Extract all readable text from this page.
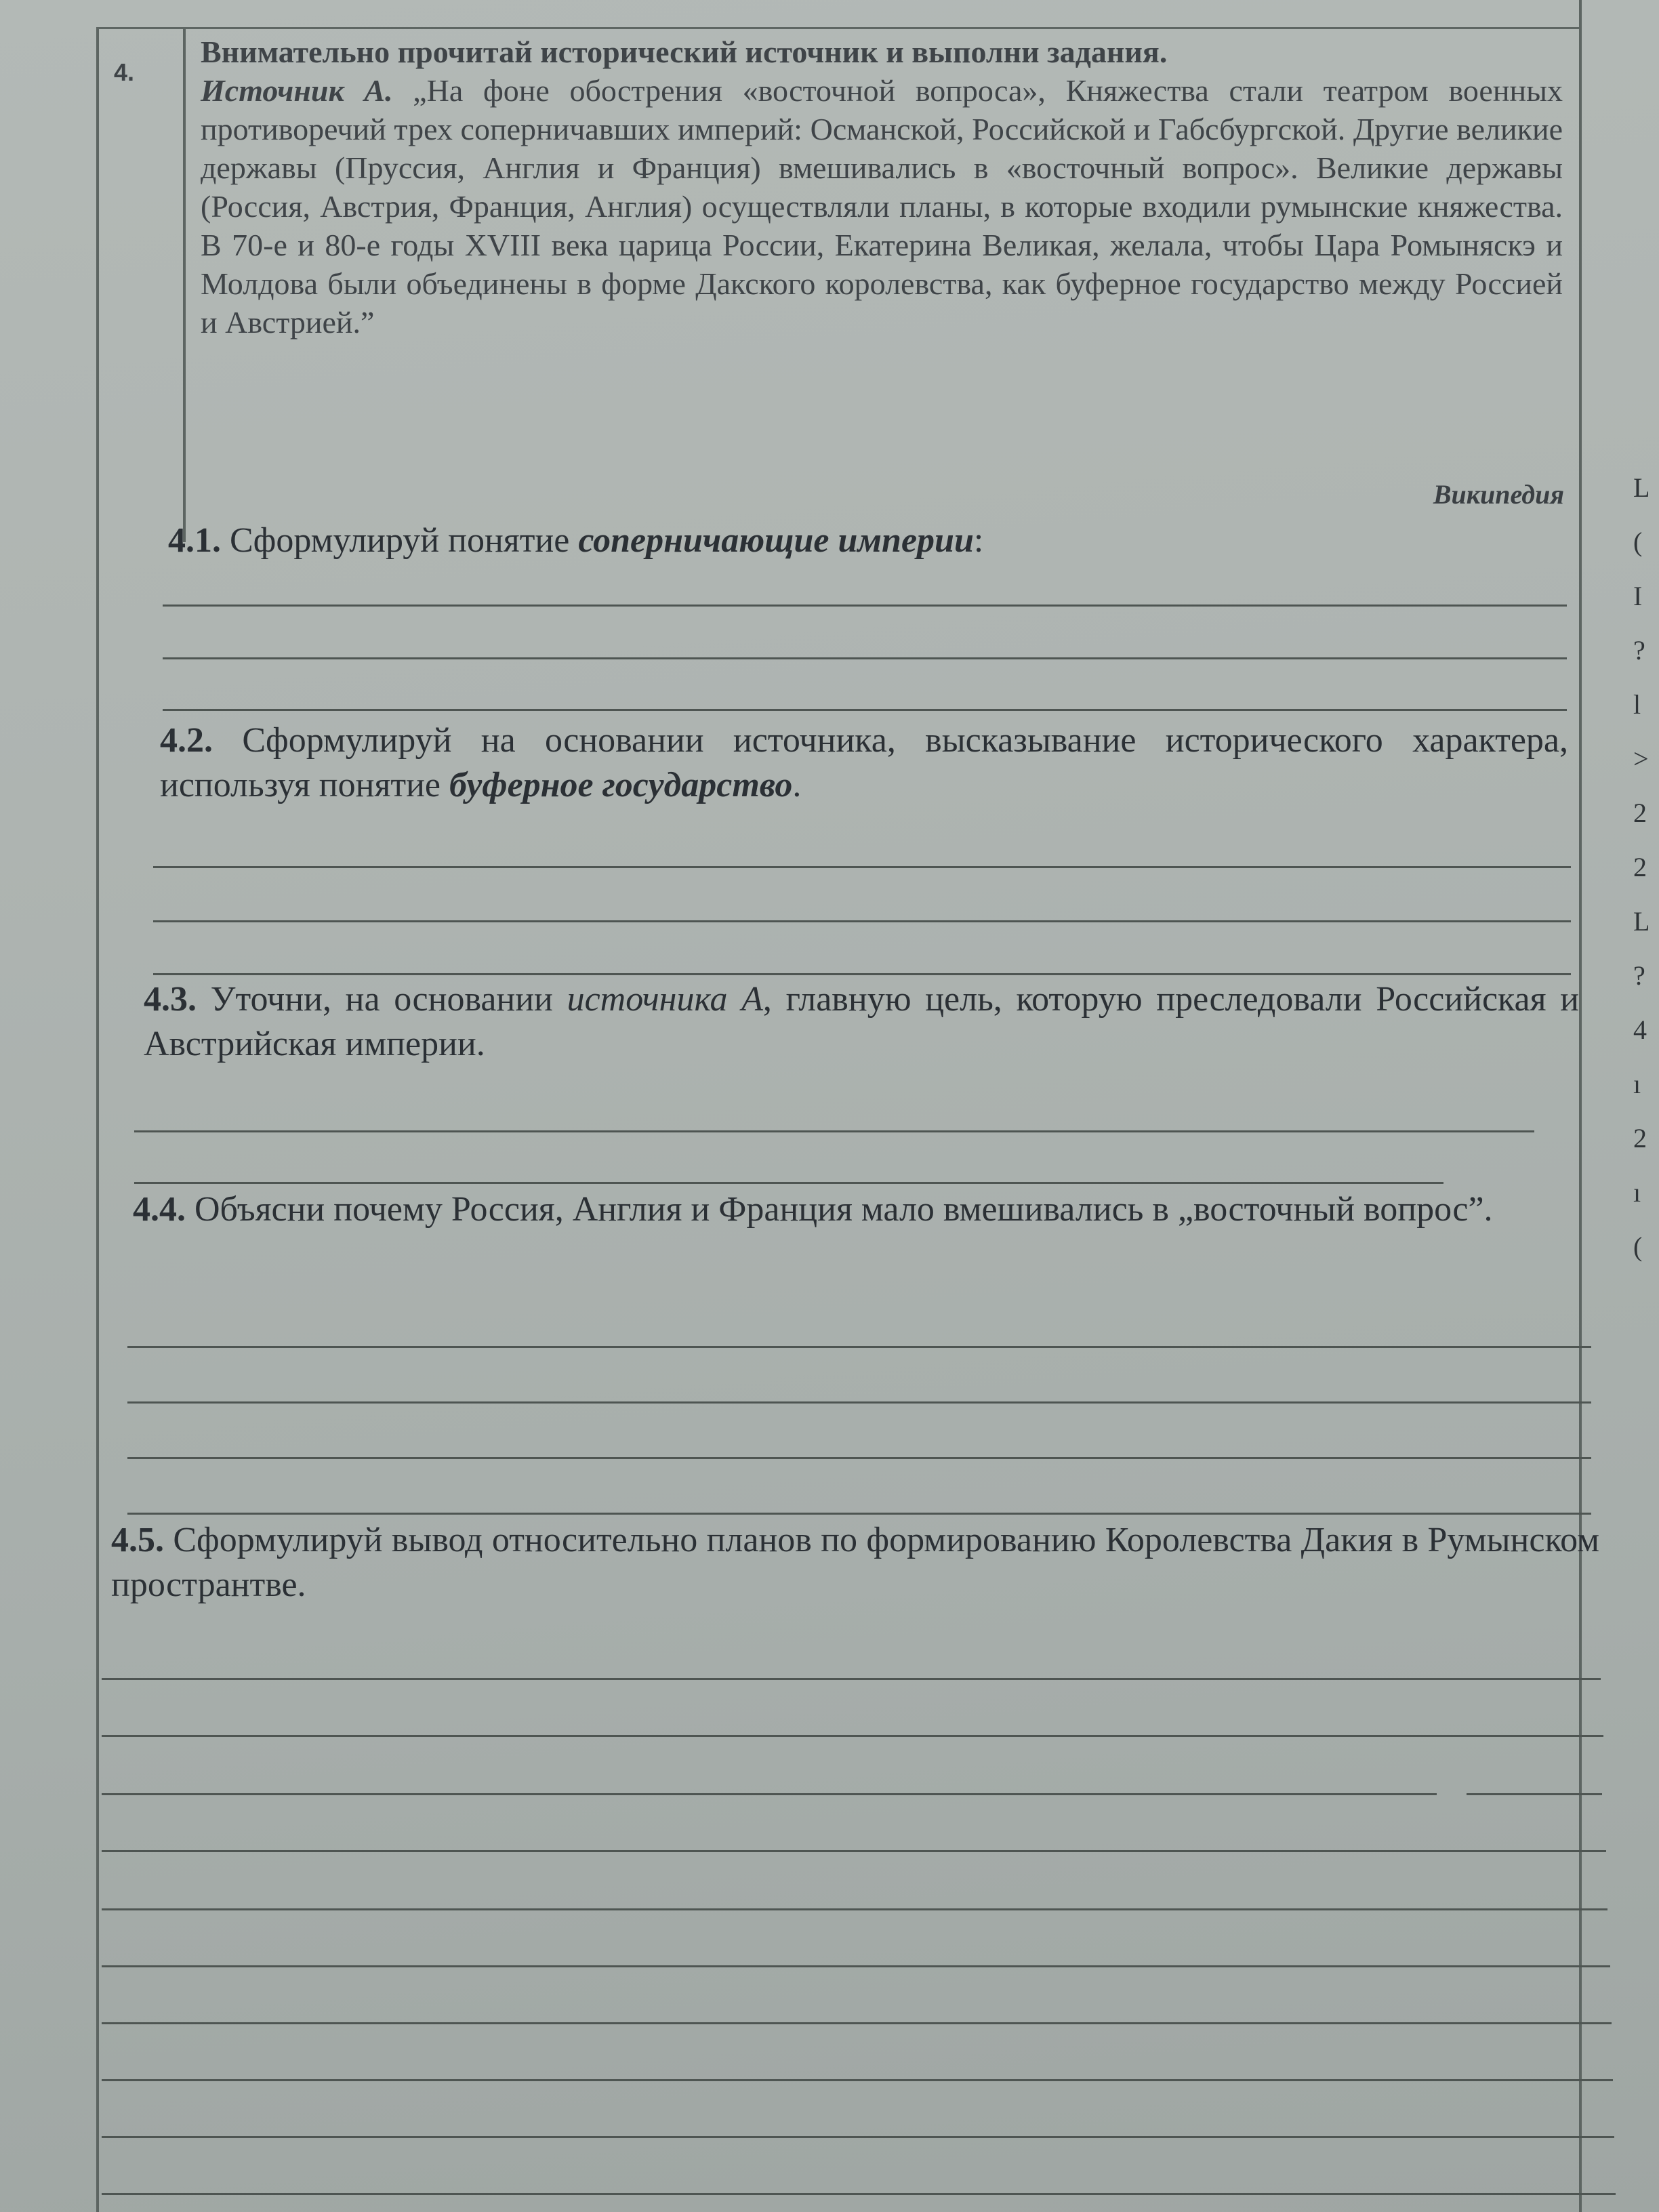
4.
Внимательно прочитай исторический источник и выполни задания.
Источник А. „На фоне обострения «восточной вопроса», Княжества стали театром военных противоречий трех соперничавших империй: Османской, Российской и Габсбургской. Другие великие державы (Пруссия, Англия и Франция) вмешивались в «восточный вопрос». Великие державы (Россия, Австрия, Франция, Англия) осуществляли планы, в которые входили румынские княжества. В 70-е и 80-е годы XVIII века царица России, Екатерина Великая, желала, чтобы Цара Ромыняскэ и Молдова были объединены в форме Дакского королевства, как буферное государство между Россией и Австрией.”
Википедия
4.1. Сформулируй понятие соперничающие империи:
4.2. Сформулируй на основании источника, высказывание исторического характера, используя понятие буферное государство.
4.3. Уточни, на основании источника А, главную цель, которую преследовали Российская и Австрийская империи.
4.4. Объясни почему Россия, Англия и Франция мало вмешивались в „восточный вопрос”.
4.5. Сформулируй вывод относительно планов по формированию Королевства Дакия в Румынском пространтве.
L
(
I
?
l
>
2
2
L
?
4
ı
2
ı
(
